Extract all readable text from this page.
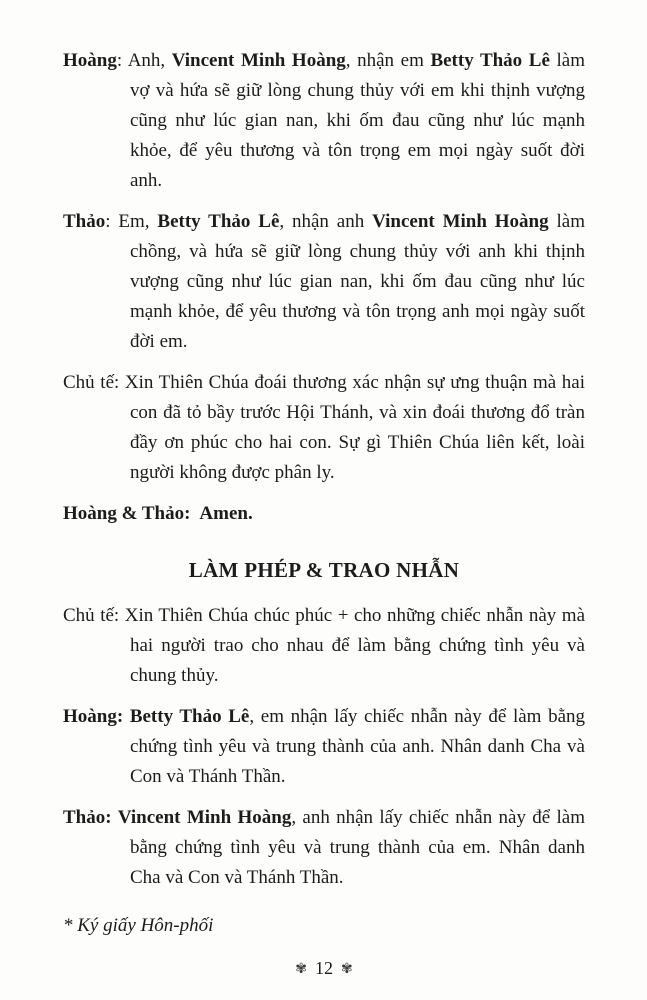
Hoàng: Anh, Vincent Minh Hoàng, nhận em Betty Thảo Lê làm vợ và hứa sẽ giữ lòng chung thủy với em khi thịnh vượng cũng như lúc gian nan, khi ốm đau cũng như lúc mạnh khỏe, để yêu thương và tôn trọng em mọi ngày suốt đời anh.

Thảo: Em, Betty Thảo Lê, nhận anh Vincent Minh Hoàng làm chồng, và hứa sẽ giữ lòng chung thủy với anh khi thịnh vượng cũng như lúc gian nan, khi ốm đau cũng như lúc mạnh khỏe, để yêu thương và tôn trọng anh mọi ngày suốt đời em.

Chủ tế: Xin Thiên Chúa đoái thương xác nhận sự ưng thuận mà hai con đã tỏ bầy trước Hội Thánh, và xin đoái thương đổ tràn đầy ơn phúc cho hai con. Sự gì Thiên Chúa liên kết, loài người không được phân ly.

Hoàng & Thảo: Amen.

LÀM PHÉP & TRAO NHẪN

Chủ tế: Xin Thiên Chúa chúc phúc + cho những chiếc nhẫn này mà hai người trao cho nhau để làm bằng chứng tình yêu và chung thủy.

Hoàng: Betty Thảo Lê, em nhận lấy chiếc nhẫn này để làm bằng chứng tình yêu và trung thành của anh. Nhân danh Cha và Con và Thánh Thần.

Thảo: Vincent Minh Hoàng, anh nhận lấy chiếc nhẫn này để làm bằng chứng tình yêu và trung thành của em. Nhân danh Cha và Con và Thánh Thần.

* Ký giấy Hôn-phối

✾ 12 ✾
